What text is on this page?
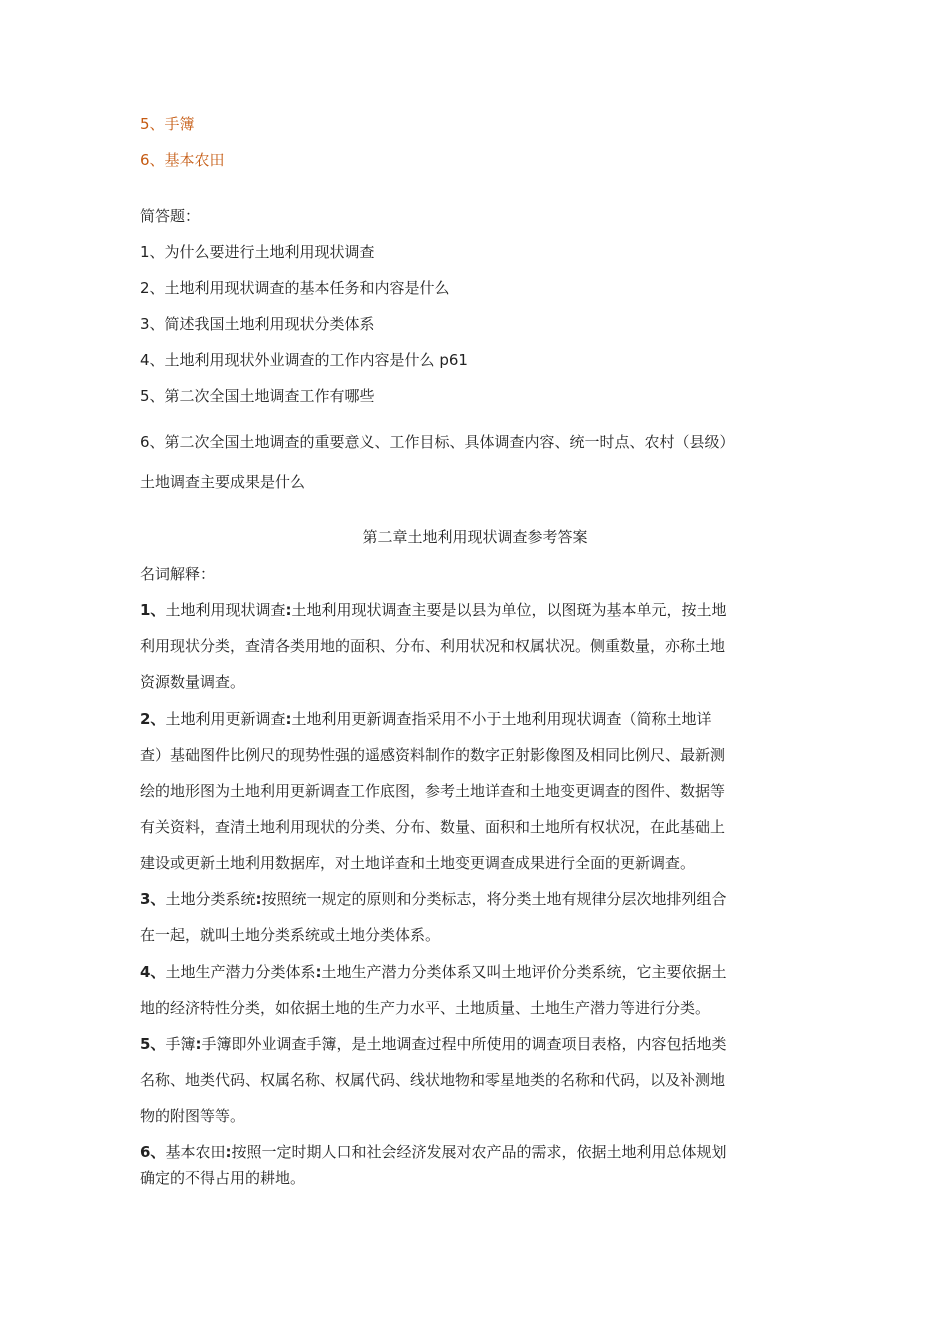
5、手簿
6、基本农田
简答题：
1、为什么要进行土地利用现状调查
2、土地利用现状调查的基本任务和内容是什么
3、简述我国土地利用现状分类体系
4、土地利用现状外业调查的工作内容是什么 p61
5、第二次全国土地调查工作有哪些
6、第二次全国土地调查的重要意义、工作目标、具体调查内容、统一时点、农村（县级）
土地调查主要成果是什么
第二章土地利用现状调查参考答案
名词解释：
1、土地利用现状调查:土地利用现状调查主要是以县为单位，以图斑为基本单元，按土地
利用现状分类，查清各类用地的面积、分布、利用状况和权属状况。侧重数量，亦称土地
资源数量调查。
2、土地利用更新调查:土地利用更新调查指采用不小于土地利用现状调查（简称土地详
查）基础图件比例尺的现势性强的遥感资料制作的数字正射影像图及相同比例尺、最新测
绘的地形图为土地利用更新调查工作底图，参考土地详查和土地变更调查的图件、数据等
有关资料，查清土地利用现状的分类、分布、数量、面积和土地所有权状况，在此基础上
建设或更新土地利用数据库，对土地详查和土地变更调查成果进行全面的更新调查。
3、土地分类系统:按照统一规定的原则和分类标志，将分类土地有规律分层次地排列组合
在一起，就叫土地分类系统或土地分类体系。
4、土地生产潜力分类体系:土地生产潜力分类体系又叫土地评价分类系统，它主要依据土
地的经济特性分类，如依据土地的生产力水平、土地质量、土地生产潜力等进行分类。
5、手簿:手簿即外业调查手簿，是土地调查过程中所使用的调查项目表格，内容包括地类
名称、地类代码、权属名称、权属代码、线状地物和零星地类的名称和代码，以及补测地
物的附图等等。
6、基本农田:按照一定时期人口和社会经济发展对农产品的需求，依据土地利用总体规划
确定的不得占用的耕地。
